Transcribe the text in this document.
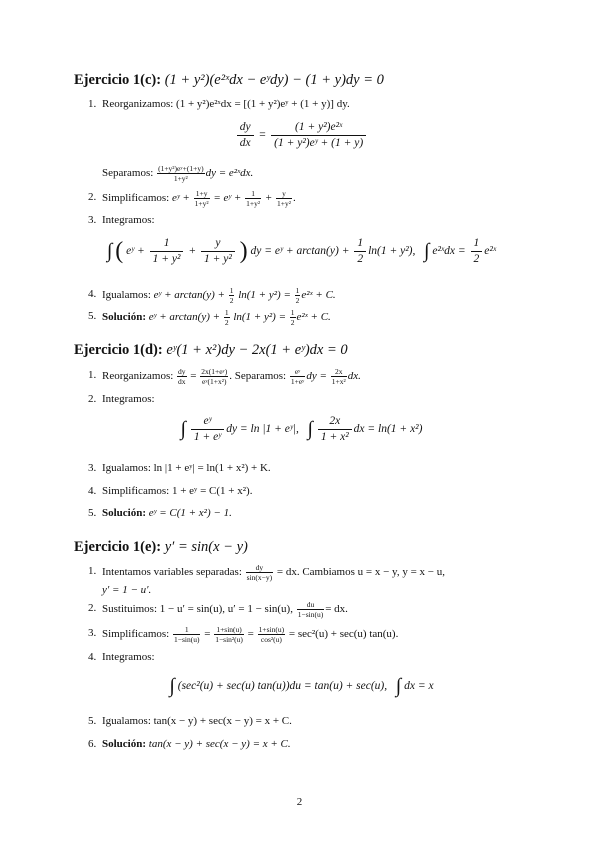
Ejercicio 1(c): (1 + y²)(e²ˣdx − eʸdy) − (1 + y)dy = 0
1. Reorganizamos: (1 + y²)e²ˣdx = [(1 + y²)eʸ + (1 + y)] dy.
$\frac{dy}{dx} = \frac{\text{(1 + y²)e²ˣ}}{\text{(1 + y²)eʸ + (1 + y)}}$
Separamos: $\frac{\text{(1+y²)eʸ+(1+y)}}{\text{1+y²}}$ dy = e²ˣdx.
2. Simplificamos: eʸ + $\frac{1+y}{\text{1+y²}}$ = eʸ + $\frac{1}{\text{1+y²}} + \frac{y}{\text{1+y²}}$ .
3. Integramos:
∫ ( eʸ + $\frac{1}{\text{1 + y²}} + \frac{y}{\text{1 + y²}}$ ) dy = eʸ + $\arctan(y) + \frac{1}{2} \ln(1 + y^2)$, ∫ e²ˣdx = $\frac{1}{2}$ e²ˣ
4. Igualamos: eʸ + $\arctan(y) + \frac{1}{2} \ln(1 + y^2) = \frac{1}{2}$ e²ˣ + C.
5. Solución: eʸ + $\arctan(y) + \frac{1}{2} \ln(1 + y^2) = \frac{1}{2}$ e²ˣ + C.
Ejercicio 1(d): eʸ(1 + x²)dy − 2x(1 + eʸ)dx = 0
1. Reorganizamos: $\frac{dy}{dx} = \frac{\text{2x(1+eʸ)}}{\text{eʸ(1+x²)}}$ . Separamos: $\frac{\text{eʸ}}{\text{1+eʸ}}$ dy = $\frac{2x}{\text{1+x²}}$ dx.
2. Integramos:
∫ $\frac{\text{eʸ}}{\text{1 + eʸ}}$ dy = ln |1 + eʸ|, ∫ $\frac{2x}{\text{1 + x²}}$ dx = ln(1 + x²)
3. Igualamos: ln |1 + eʸ| = ln(1 + x²) + K.
4. Simplificamos: 1 + eʸ = C(1 + x²).
5. Solución: eʸ = C(1 + x²) − 1.
Ejercicio 1(e): y′ = sin(x − y)
1. Intentamos variables separadas: $\frac{dy}{\sin(x-y)}$ = dx. Cambiamos u = x − y, y = x − u,
y′ = 1 − u′.
2. Sustituimos: 1 − u′ = sin(u), u′ = 1 − sin(u), $\frac{du}{1-\sin(u)}$ = dx.
3. Simplificamos: $\frac{1}{1-\sin(u)} = \frac{1+\sin(u)}{\text{1−sin²(u)}} = \frac{1+\sin(u)}{\text{cos²(u)}} = \sec^2(u) + \sec(u)$ tan(u).
4. Integramos:
∫ (sec²(u) + sec(u) tan(u))du = tan(u) + sec(u), ∫ dx = x
5. Igualamos: tan(x − y) + sec(x − y) = x + C.
6. Solución: tan(x − y) + sec(x − y) = x + C.
2
